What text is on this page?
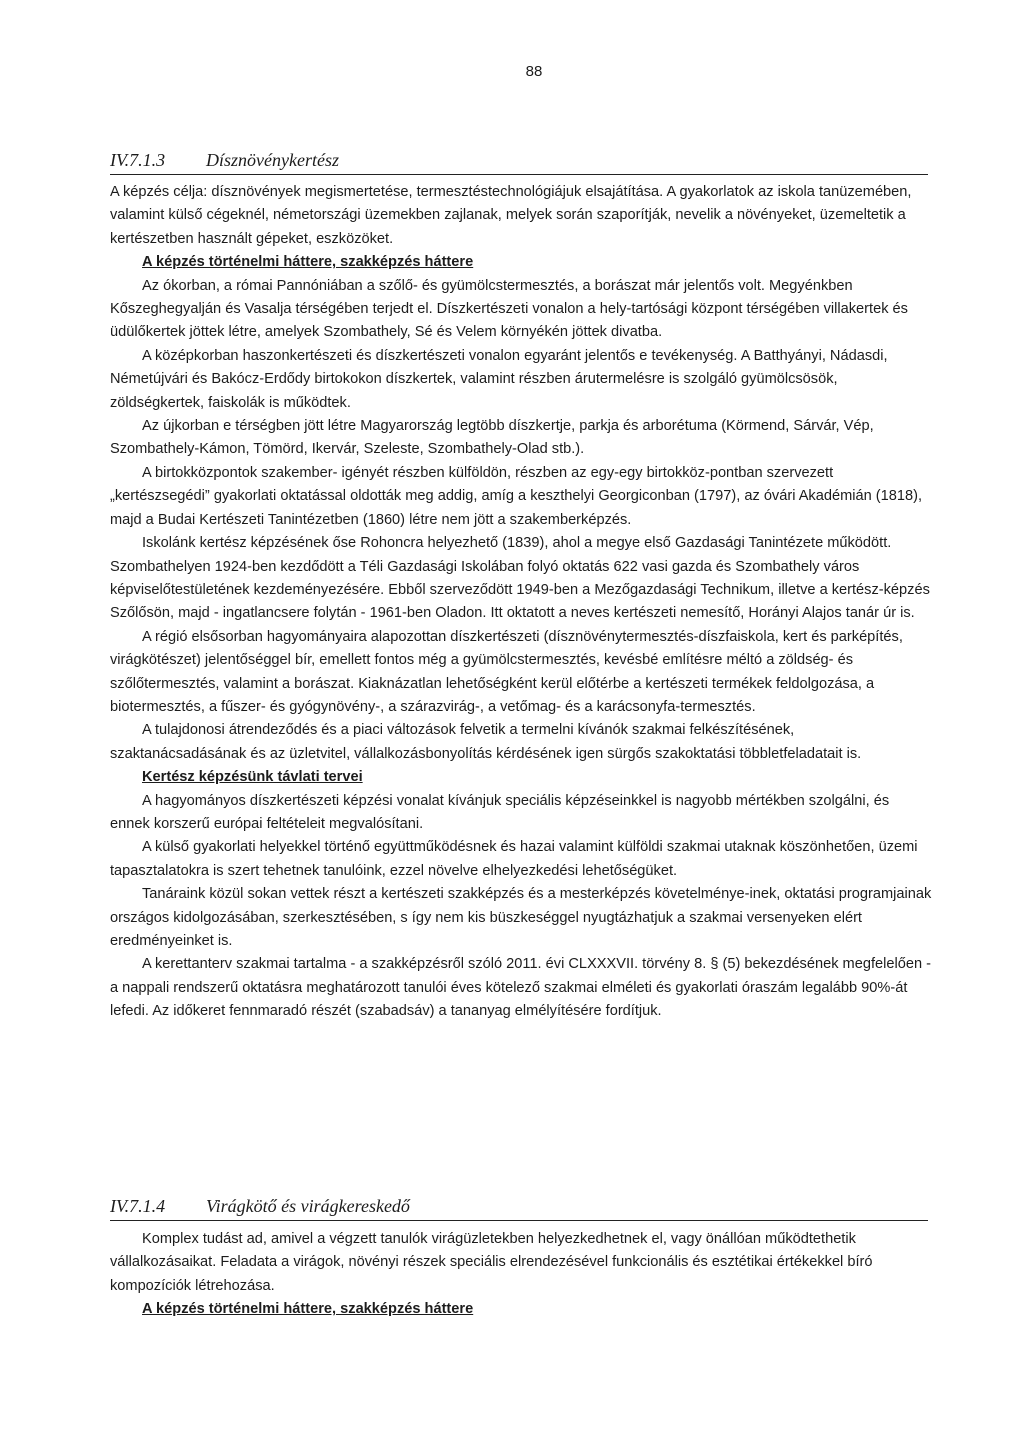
88
IV.7.1.3 Dísznövénykertész

A képzés célja: dísznövények megismertetése, termesztéstechnológiájuk elsajátítása. A gyakorlatok az iskola tanüzemében, valamint külső cégeknél, németországi üzemekben zajlanak, melyek során szaporítják, nevelik a növényeket, üzemeltetik a kertészetben használt gépeket, eszközöket.

A képzés történelmi háttere, szakképzés háttere

Az ókorban, a római Pannóniában a szőlő- és gyümölcstermesztés, a borászat már jelentős volt. Megyénkben Kőszeghegyalján és Vasalja térségében terjedt el. Díszkertészeti vonalon a hely-tartósági központ térségében villakertek és üdülőkertek jöttek létre, amelyek Szombathely, Sé és Velem környékén jöttek divatba.

A középkorban haszonkertészeti és díszkertészeti vonalon egyaránt jelentős e tevékenység. A Batthyányi, Nádasdi, Németújvári és Bakócz-Erdődy birtokokon díszkertek, valamint részben árutermelésre is szolgáló gyümölcsösök, zöldségkertek, faiskolák is működtek.

Az újkorban e térségben jött létre Magyarország legtöbb díszkertje, parkja és arborétuma (Körmend, Sárvár, Vép, Szombathely-Kámon, Tömörd, Ikervár, Szeleste, Szombathely-Olad stb.).

A birtokközpontok szakember- igényét részben külföldön, részben az egy-egy birtokköz-pontban szervezett „kertészsegédi” gyakorlati oktatással oldották meg addig, amíg a keszthelyi Georgiconban (1797), az óvári Akadémián (1818), majd a Budai Kertészeti Tanintézetben (1860) létre nem jött a szakemberképzés.

Iskolánk kertész képzésének őse Rohoncra helyezhető (1839), ahol a megye első Gazdasági Tanintézete működött. Szombathelyen 1924-ben kezdődött a Téli Gazdasági Iskolában folyó oktatás 622 vasi gazda és Szombathely város képviselőtestületének kezdeményezésére. Ebből szerveződött 1949-ben a Mezőgazdasági Technikum, illetve a kertész-képzés Szőlősön, majd - ingatlancsere folytán - 1961-ben Oladon. Itt oktatott a neves kertészeti nemesítő, Horányi Alajos tanár úr is.

A régió elsősorban hagyományaira alapozottan díszkertészeti (dísznövénytermesztés-díszfaiskola, kert és parképítés, virágkötészet) jelentőséggel bír, emellett fontos még a gyümölcstermesztés, kevésbé említésre méltó a zöldség- és szőlőtermesztés, valamint a borászat. Kiaknázatlan lehetőségként kerül előtérbe a kertészeti termékek feldolgozása, a biotermesztés, a fűszer- és gyógynövény-, a szárazvirág-, a vetőmag- és a karácsonyfa-termesztés.

A tulajdonosi átrendeződés és a piaci változások felvetik a termelni kívánók szakmai felkészítésének, szaktanácsadásának és az üzletvitel, vállalkozásbonyolítás kérdésének igen sürgős szakoktatási többletfeladatait is.

Kertész képzésünk távlati tervei

A hagyományos díszkertészeti képzési vonalat kívánjuk speciális képzéseinkkel is nagyobb mértékben szolgálni, és ennek korszerű európai feltételeit megvalósítani.

A külső gyakorlati helyekkel történő együttműködésnek és hazai valamint külföldi szakmai utaknak köszönhetően, üzemi tapasztalatokra is szert tehetnek tanulóink, ezzel növelve elhelyezkedési lehetőségüket.

Tanáraink közül sokan vettek részt a kertészeti szakképzés és a mesterképzés követelménye-inek, oktatási programjainak országos kidolgozásában, szerkesztésében, s így nem kis büszkeséggel nyugtázhatjuk a szakmai versenyeken elért eredményeinket is.

A kerettanterv szakmai tartalma - a szakképzésről szóló 2011. évi CLXXXVII. törvény 8. § (5) bekezdésének megfelelően - a nappali rendszerű oktatásra meghatározott tanulói éves kötelező szakmai elméleti és gyakorlati óraszám legalább 90%-át lefedi. Az időkeret fennmaradó részét (szabadsáv) a tananyag elmélyítésére fordítjuk.

IV.7.1.4 Virágkötő és virágkereskedő

Komplex tudást ad, amivel a végzett tanulók virágüzletekben helyezkedhetnek el, vagy önállóan működtethetik vállalkozásaikat. Feladata a virágok, növényi részek speciális elrendezésével funkcionális és esztétikai értékekkel bíró kompozíciók létrehozása.

A képzés történelmi háttere, szakképzés háttere
